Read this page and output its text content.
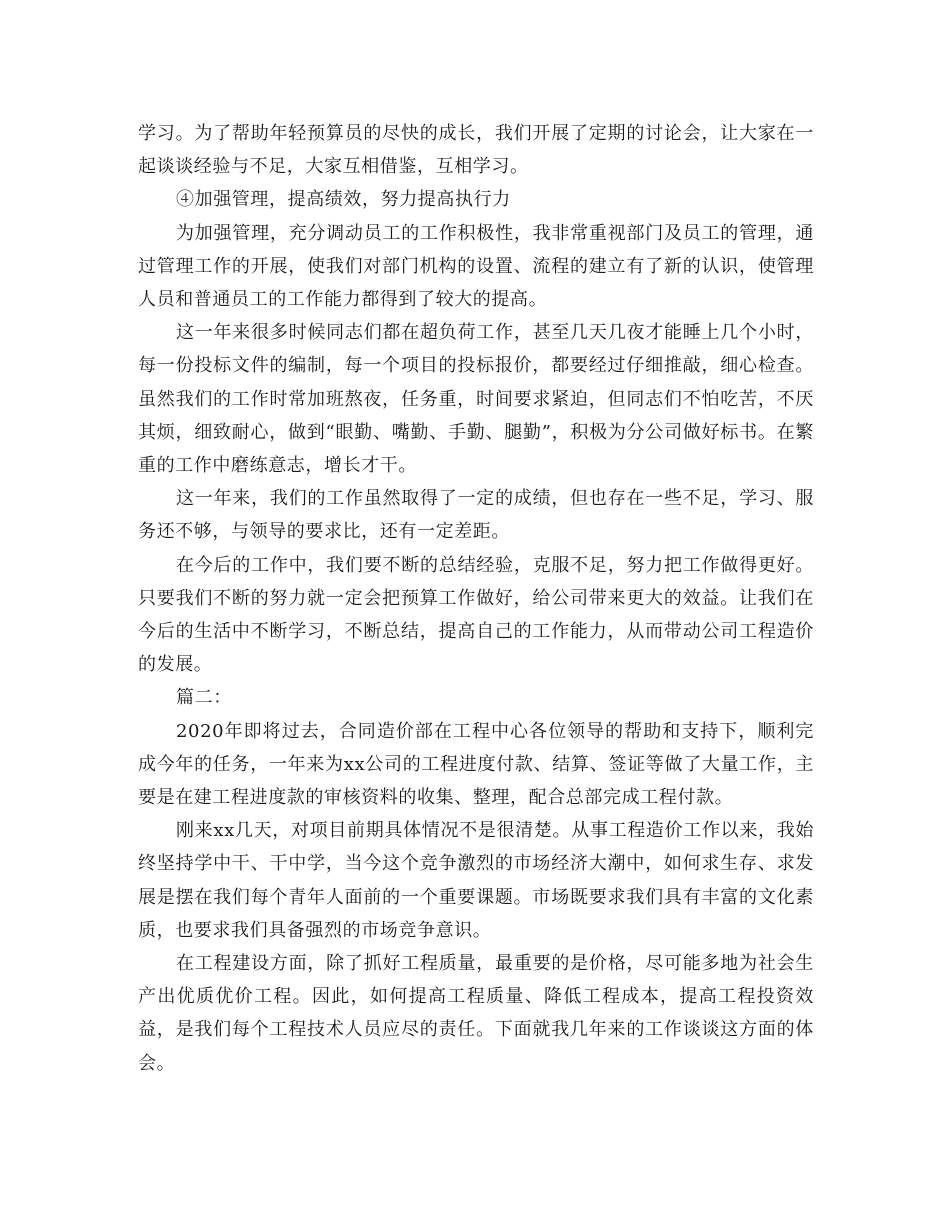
学习。为了帮助年轻预算员的尽快的成长，我们开展了定期的讨论会，让大家在一起谈谈经验与不足，大家互相借鉴，互相学习。

④加强管理，提高绩效，努力提高执行力

为加强管理，充分调动员工的工作积极性，我非常重视部门及员工的管理，通过管理工作的开展，使我们对部门机构的设置、流程的建立有了新的认识，使管理人员和普通员工的工作能力都得到了较大的提高。

这一年来很多时候同志们都在超负荷工作，甚至几天几夜才能睡上几个小时，每一份投标文件的编制，每一个项目的投标报价，都要经过仔细推敲，细心检查。虽然我们的工作时常加班熬夜，任务重，时间要求紧迫，但同志们不怕吃苦，不厌其烦，细致耐心，做到“眼勤、嘴勤、手勤、腿勤”，积极为分公司做好标书。在繁重的工作中磨练意志，增长才干。

这一年来，我们的工作虽然取得了一定的成绩，但也存在一些不足，学习、服务还不够，与领导的要求比，还有一定差距。

在今后的工作中，我们要不断的总结经验，克服不足，努力把工作做得更好。只要我们不断的努力就一定会把预算工作做好，给公司带来更大的效益。让我们在今后的生活中不断学习，不断总结，提高自己的工作能力，从而带动公司工程造价的发展。

篇二：

2020年即将过去，合同造价部在工程中心各位领导的帮助和支持下，顺利完成今年的任务，一年来为xx公司的工程进度付款、结算、签证等做了大量工作，主要是在建工程进度款的审核资料的收集、整理，配合总部完成工程付款。

刚来xx几天，对项目前期具体情况不是很清楚。从事工程造价工作以来，我始终坚持学中干、干中学，当今这个竞争激烈的市场经济大潮中，如何求生存、求发展是摆在我们每个青年人面前的一个重要课题。市场既要求我们具有丰富的文化素质，也要求我们具备强烈的市场竞争意识。

在工程建设方面，除了抓好工程质量，最重要的是价格，尽可能多地为社会生产出优质优价工程。因此，如何提高工程质量、降低工程成本，提高工程投资效益，是我们每个工程技术人员应尽的责任。下面就我几年来的工作谈谈这方面的体会。
